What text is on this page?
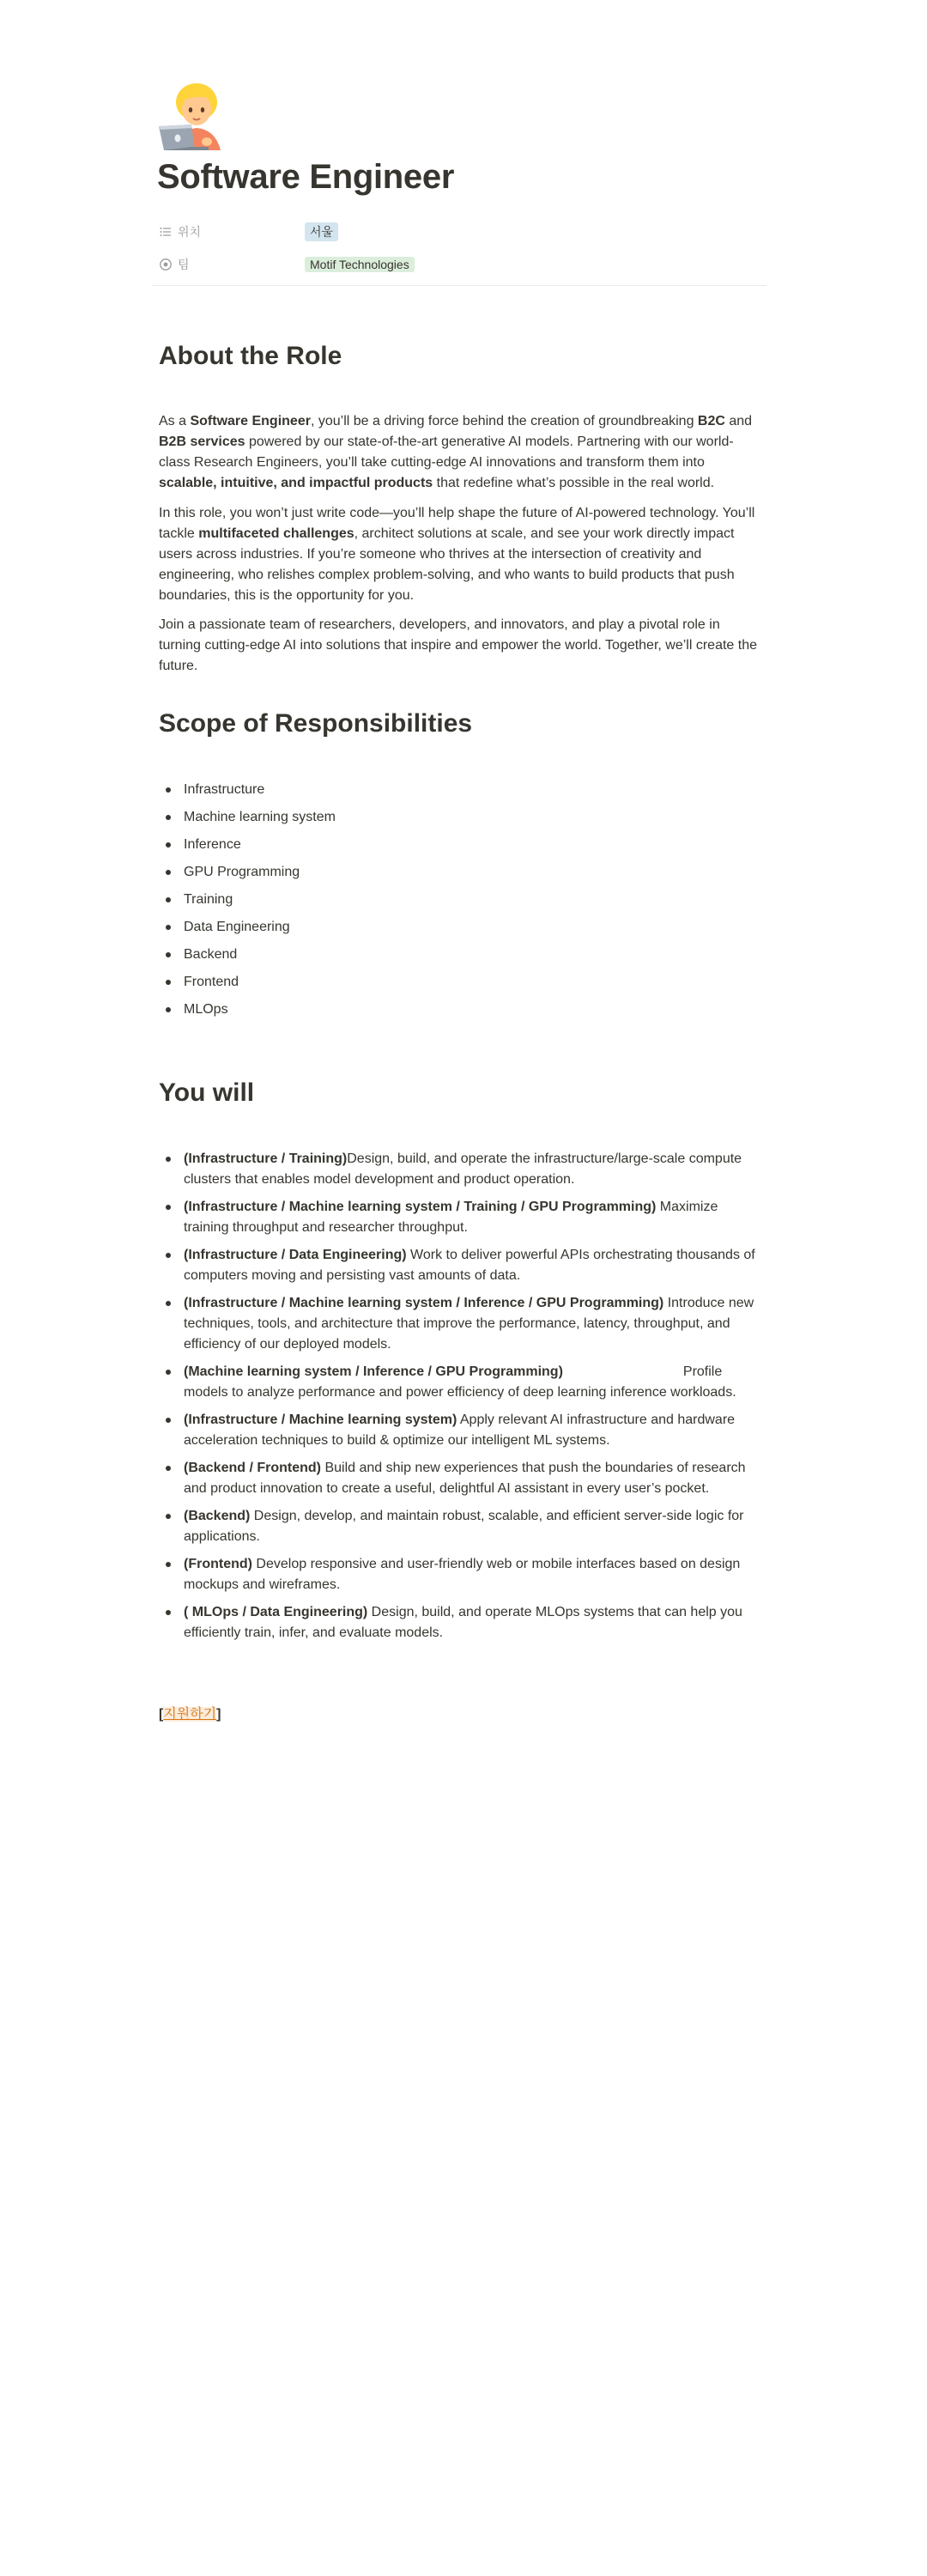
Software Engineer
위치	서울
팀	Motif Technologies
About the Role

As a Software Engineer, you’ll be a driving force behind the creation of groundbreaking B2C and B2B services powered by our state-of-the-art generative AI models. Partnering with our world-class Research Engineers, you’ll take cutting-edge AI innovations and transform them into scalable, intuitive, and impactful products that redefine what’s possible in the real world.

In this role, you won’t just write code—you’ll help shape the future of AI-powered technology. You’ll tackle multifaceted challenges, architect solutions at scale, and see your work directly impact users across industries. If you’re someone who thrives at the intersection of creativity and engineering, who relishes complex problem-solving, and who wants to build products that push boundaries, this is the opportunity for you.

Join a passionate team of researchers, developers, and innovators, and play a pivotal role in turning cutting-edge AI into solutions that inspire and empower the world. Together, we’ll create the future.

Scope of Responsibilities
Infrastructure
Machine learning system
Inference
GPU Programming
Training
Data Engineering
Backend
Frontend
MLOps
You will
(Infrastructure / Training)Design, build, and operate the infrastructure/large-scale compute clusters that enables model development and product operation.
(Infrastructure / Machine learning system / Training / GPU Programming) Maximize training throughput and researcher throughput.
(Infrastructure / Data Engineering) Work to deliver powerful APIs orchestrating thousands of computers moving and persisting vast amounts of data.
(Infrastructure / Machine learning system / Inference / GPU Programming) Introduce new techniques, tools, and architecture that improve the performance, latency, throughput, and efficiency of our deployed models.
(Machine learning system / Inference / GPU Programming)	Profile models to analyze performance and power efficiency of deep learning inference workloads.
(Infrastructure / Machine learning system) Apply relevant AI infrastructure and hardware acceleration techniques to build & optimize our intelligent ML systems.
(Backend / Frontend) Build and ship new experiences that push the boundaries of research and product innovation to create a useful, delightful AI assistant in every user’s pocket.
(Backend) Design, develop, and maintain robust, scalable, and efficient server-side logic for applications.
(Frontend) Develop responsive and user-friendly web or mobile interfaces based on design mockups and wireframes.
( MLOps / Data Engineering) Design, build, and operate MLOps systems that can help you efficiently train, infer, and evaluate models.
[지원하기]
